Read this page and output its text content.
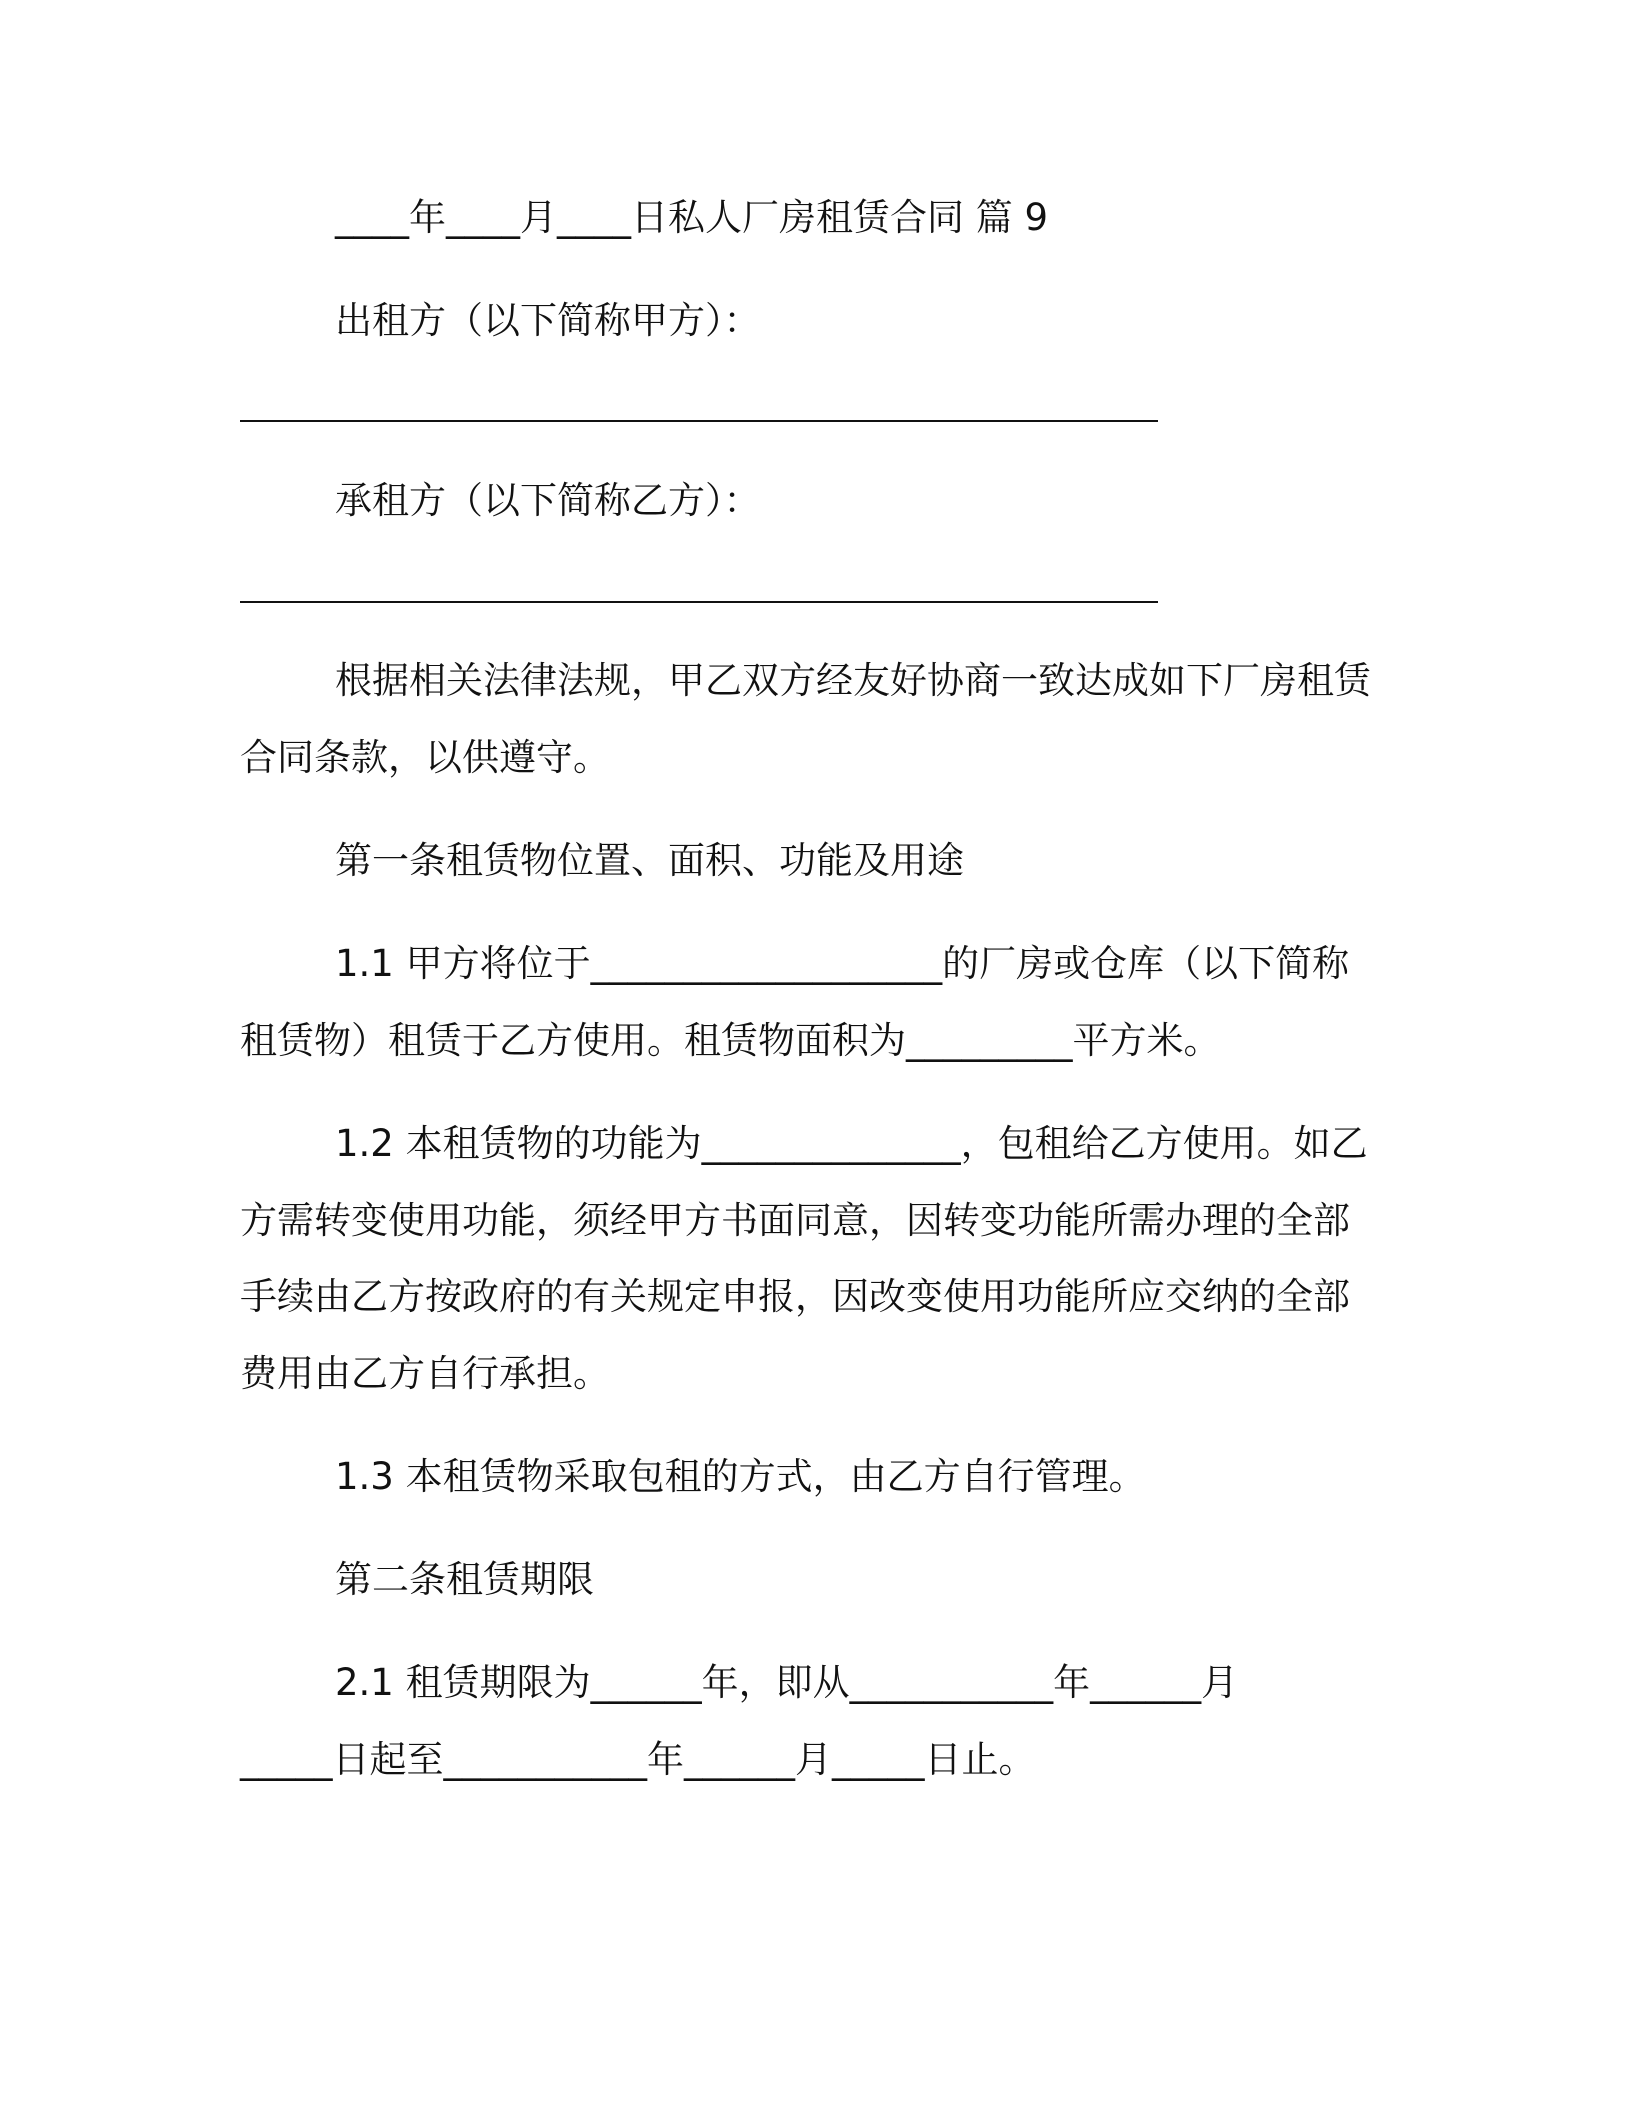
____年____月____日私人厂房租赁合同 篇 9
出租方（以下简称甲方）：
承租方（以下简称乙方）：
根据相关法律法规，甲乙双方经友好协商一致达成如下厂房租赁
合同条款，以供遵守。
第一条租赁物位置、面积、功能及用途
1.1 甲方将位于___________________的厂房或仓库（以下简称
租赁物）租赁于乙方使用。租赁物面积为_________平方米。
1.2 本租赁物的功能为______________，包租给乙方使用。如乙
方需转变使用功能，须经甲方书面同意，因转变功能所需办理的全部
手续由乙方按政府的有关规定申报，因改变使用功能所应交纳的全部
费用由乙方自行承担。
1.3 本租赁物采取包租的方式，由乙方自行管理。
第二条租赁期限
2.1 租赁期限为______年，即从___________年______月
_____日起至___________年______月_____日止。
